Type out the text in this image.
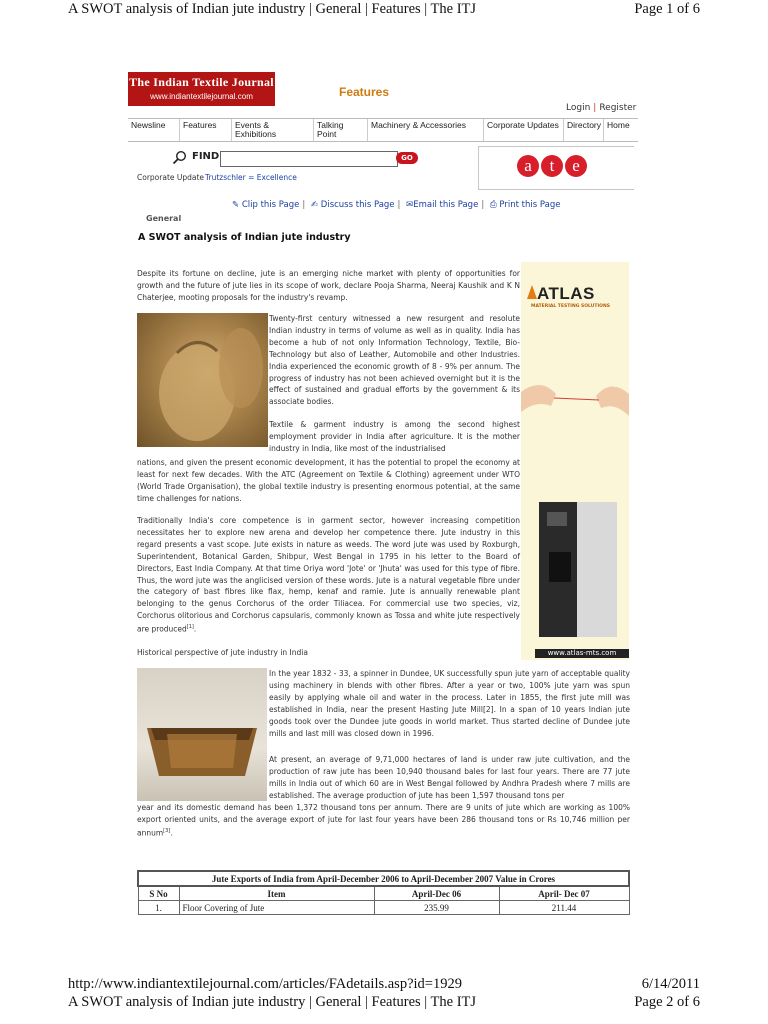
A SWOT analysis of Indian jute industry | General | Features | The ITJ	Page 1 of 6
The Indian Textile Journal
www.indiantextilejournal.com	Features
Login | Register
Newsline	Features	Events & Exhibitions
Talking Point
Machinery & Accessories	Corporate Updates Directory Home
FIND	GO
Corporate Update Trutzschler = Excellence
a	t	e
✎ Clip this Page | ✍ Discuss this Page | ✉Email this Page | ⎙ Print this Page
General
A SWOT analysis of Indian jute industry

Despite its fortune on decline, jute is an emerging niche market with plenty of opportunities for growth and the future of jute lies in its scope of work, declare Pooja Sharma, Neeraj Kaushik and K N Chaterjee, mooting proposals for the industry's revamp.

Twenty-first century witnessed a new resurgent and resolute Indian industry in terms of volume as well as in quality. India has become a hub of not only Information Technology, Textile, Bio-Technology but also of Leather, Automobile and other Industries. India experienced the economic growth of 8 - 9% per annum. The progress of industry has not been achieved overnight but it is the effect of sustained and gradual efforts by the government & its associate bodies.

Textile & garment industry is among the second highest employment provider in India after agriculture. It is the mother industry in India, like most of the industrialised

nations, and given the present economic development, it has the potential to propel the economy at least for next few decades. With the ATC (Agreement on Textile & Clothing) agreement under WTO (World Trade Organisation), the global textile industry is presenting enormous potential, at the same time challenges for nations.

Traditionally India's core competence is in garment sector, however increasing competition necessitates her to explore new arena and develop her competence there. Jute industry in this regard presents a vast scope. Jute exists in nature as weeds. The word jute was used by Roxburgh, Superintendent, Botanical Garden, Shibpur, West Bengal in 1795 in his letter to the Board of Directors, East India Company. At that time Oriya word 'Jote' or 'Jhuta' was used for this type of fibre. Thus, the word jute was the anglicised version of these words. Jute is a natural vegetable fibre under the category of bast fibres like flax, hemp, kenaf and ramie. Jute is annually renewable plant belonging to the genus Corchorus of the order Tiliacea. For commercial use two species, viz, Corchorus olitorious and Corchorus capsularis, commonly known as Tossa and white jute respectively are produced[1].

Historical perspective of jute industry in India

In the year 1832 - 33, a spinner in Dundee, UK successfully spun jute yarn of acceptable quality using machinery in blends with other fibres. After a year or two, 100% jute yarn was spun easily by applying whale oil and water in the process. Later in 1855, the first jute mill was established in India, near the present Hasting Jute Mill[2]. In a span of 10 years Indian jute goods took over the Dundee jute goods in world market. Thus started decline of Dundee jute mills and last mill was closed down in 1996.

At present, an average of 9,71,000 hectares of land is under raw jute cultivation, and the production of raw jute has been 10,940 thousand bales for last four years. There are 77 jute mills in India out of which 60 are in West Bengal followed by Andhra Pradesh where 7 mills are established. The average production of jute has been 1,597 thousand tons per

year and its domestic demand has been 1,372 thousand tons per annum. There are 9 units of jute which are working as 100% export oriented units, and the average export of jute for last four years have been 286 thousand tons or Rs 10,746 million per annum[3].

ATLAS
MATERIAL TESTING SOLUTIONS
www.atlas-mts.com
Jute Exports of India from April-December 2006 to April-December 2007 Value in Crores			
S No	Item	April-Dec 06	April- Dec 07
1.	Floor Covering of Jute	235.99	211.44
http://www.indiantextilejournal.com/articles/FAdetails.asp?id=1929	6/14/2011
A SWOT analysis of Indian jute industry | General | Features | The ITJ	Page 2 of 6
